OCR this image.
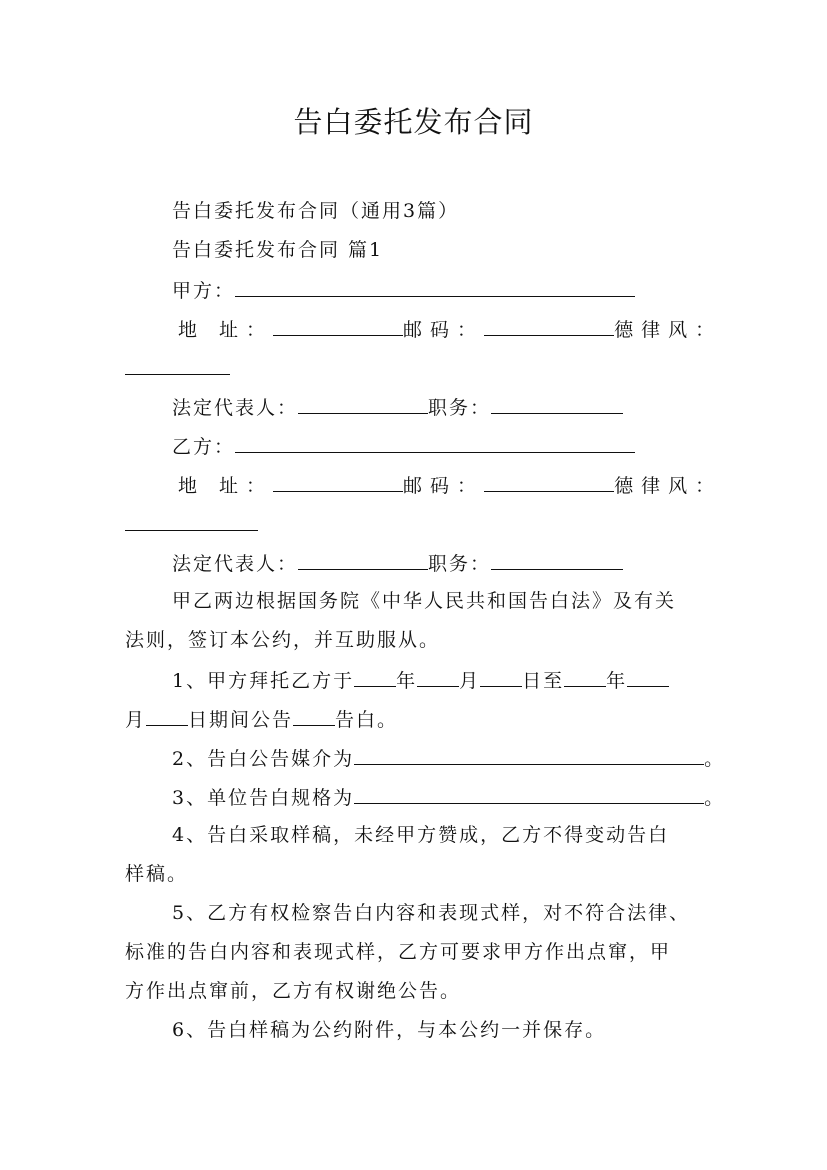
告白委托发布合同
告白委托发布合同（通用3篇）
告白委托发布合同 篇1
甲方：
地 址：	邮码：	德律风：
法定代表人：	职务：
乙方：
地 址：	邮码：	德律风：
法定代表人：	职务：
甲乙两边根据国务院《中华人民共和国告白法》及有关
法则，签订本公约，并互助服从。
1、甲方拜托乙方于 年 月 日至 年
月 日期间公告 告白。
2、告白公告媒介为	。
3、单位告白规格为	。
4、告白采取样稿，未经甲方赞成，乙方不得变动告白
样稿。
5、乙方有权检察告白内容和表现式样，对不符合法律、
标准的告白内容和表现式样，乙方可要求甲方作出点窜，甲
方作出点窜前，乙方有权谢绝公告。
6、告白样稿为公约附件，与本公约一并保存。
